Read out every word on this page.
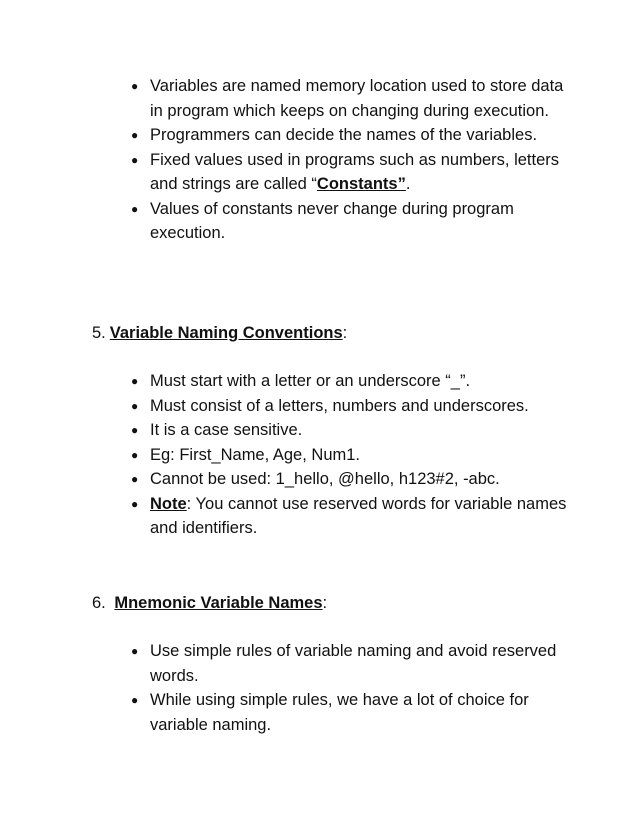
● Variables are named memory location used to store data in program which keeps on changing during execution.
● Programmers can decide the names of the variables.
● Fixed values used in programs such as numbers, letters and strings are called “Constants”.
● Values of constants never change during program execution.

5. Variable Naming Conventions:

● Must start with a letter or an underscore “_”.
● Must consist of a letters, numbers and underscores.
● It is a case sensitive.
● Eg: First_Name, Age, Num1.
● Cannot be used: 1_hello, @hello, h123#2, -abc.
● Note: You cannot use reserved words for variable names and identifiers.

6. Mnemonic Variable Names:

● Use simple rules of variable naming and avoid reserved words.
● While using simple rules, we have a lot of choice for variable naming.
